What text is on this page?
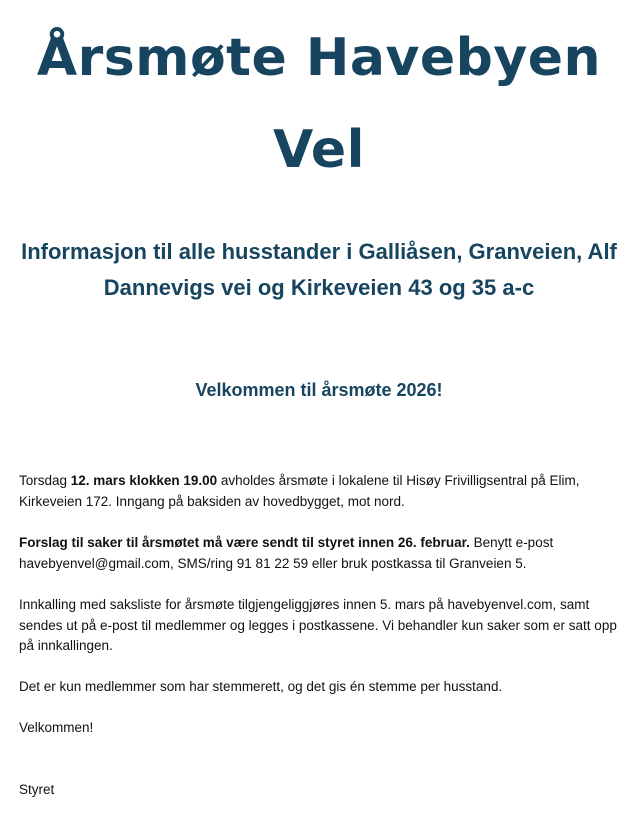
Årsmøte Havebyen Vel
Informasjon til alle husstander i Galliåsen, Granveien, Alf Dannevigs vei og Kirkeveien 43 og 35 a-c
Velkommen til årsmøte 2026!

Torsdag 12. mars klokken 19.00 avholdes årsmøte i lokalene til Hisøy Frivilligsentral på Elim, Kirkeveien 172. Inngang på baksiden av hovedbygget, mot nord.

Forslag til saker til årsmøtet må være sendt til styret innen 26. februar. Benytt e-post havebyenvel@gmail.com, SMS/ring 91 81 22 59 eller bruk postkassa til Granveien 5.

Innkalling med saksliste for årsmøte tilgjengeliggjøres innen 5. mars på havebyenvel.com, samt sendes ut på e-post til medlemmer og legges i postkassene. Vi behandler kun saker som er satt opp på innkallingen.

Det er kun medlemmer som har stemmerett, og det gis én stemme per husstand.

Velkommen!

Styret
